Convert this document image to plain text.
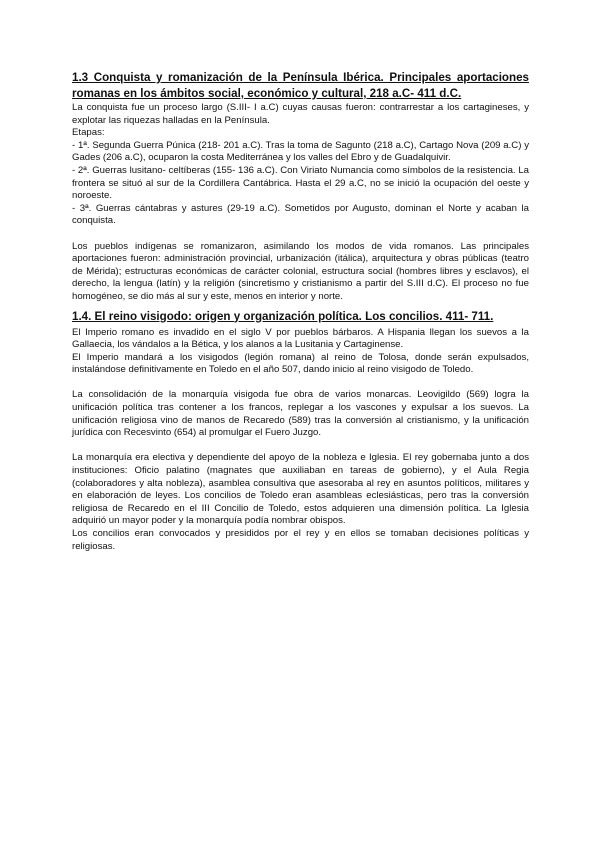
1.3 Conquista y romanización de la Península Ibérica. Principales aportaciones romanas en los ámbitos social, económico y cultural, 218 a.C- 411 d.C.

La conquista fue un proceso largo (S.III- I a.C) cuyas causas fueron: contrarrestar a los cartagineses, y explotar las riquezas halladas en la Península.

Etapas:

- 1ª. Segunda Guerra Púnica (218- 201 a.C). Tras la toma de Sagunto (218 a.C), Cartago Nova (209 a.C) y Gades (206 a.C), ocuparon la costa Mediterránea y los valles del Ebro y de Guadalquivir.

- 2ª. Guerras lusitano- celtíberas (155- 136 a.C). Con Viriato Numancia como símbolos de la resistencia. La frontera se situó al sur de la Cordillera Cantábrica. Hasta el 29 a.C, no se inició la ocupación del oeste y noroeste.

- 3ª. Guerras cántabras y astures (29-19 a.C). Sometidos por Augusto, dominan el Norte y acaban la conquista.

Los pueblos indígenas se romanizaron, asimilando los modos de vida romanos. Las principales aportaciones fueron: administración provincial, urbanización (itálica), arquitectura y obras públicas (teatro de Mérida); estructuras económicas de carácter colonial, estructura social (hombres libres y esclavos), el derecho, la lengua (latín) y la religión (sincretismo y cristianismo a partir del S.III d.C). El proceso no fue homogéneo, se dio más al sur y este, menos en interior y norte.

1.4. El reino visigodo: origen y organización política. Los concilios. 411- 711.

El Imperio romano es invadido en el siglo V por pueblos bárbaros. A Hispania llegan los suevos a la Gallaecia, los vándalos a la Bética, y los alanos a la Lusitania y Cartaginense.

El Imperio mandará a los visigodos (legión romana) al reino de Tolosa, donde serán expulsados, instalándose definitivamente en Toledo en el año 507, dando inicio al reino visigodo de Toledo.

La consolidación de la monarquía visigoda fue obra de varios monarcas. Leovigildo (569) logra la unificación política tras contener a los francos, replegar a los vascones y expulsar a los suevos. La unificación religiosa vino de manos de Recaredo (589) tras la conversión al cristianismo, y la unificación jurídica con Recesvinto (654) al promulgar el Fuero Juzgo.

La monarquía era electiva y dependiente del apoyo de la nobleza e Iglesia. El rey gobernaba junto a dos instituciones: Oficio palatino (magnates que auxiliaban en tareas de gobierno), y el Aula Regia (colaboradores y alta nobleza), asamblea consultiva que asesoraba al rey en asuntos políticos, militares y en elaboración de leyes. Los concilios de Toledo eran asambleas eclesiásticas, pero tras la conversión religiosa de Recaredo en el III Concilio de Toledo, estos adquieren una dimensión política. La Iglesia adquirió un mayor poder y la monarquía podía nombrar obispos.

Los concilios eran convocados y presididos por el rey y en ellos se tomaban decisiones políticas y religiosas.
